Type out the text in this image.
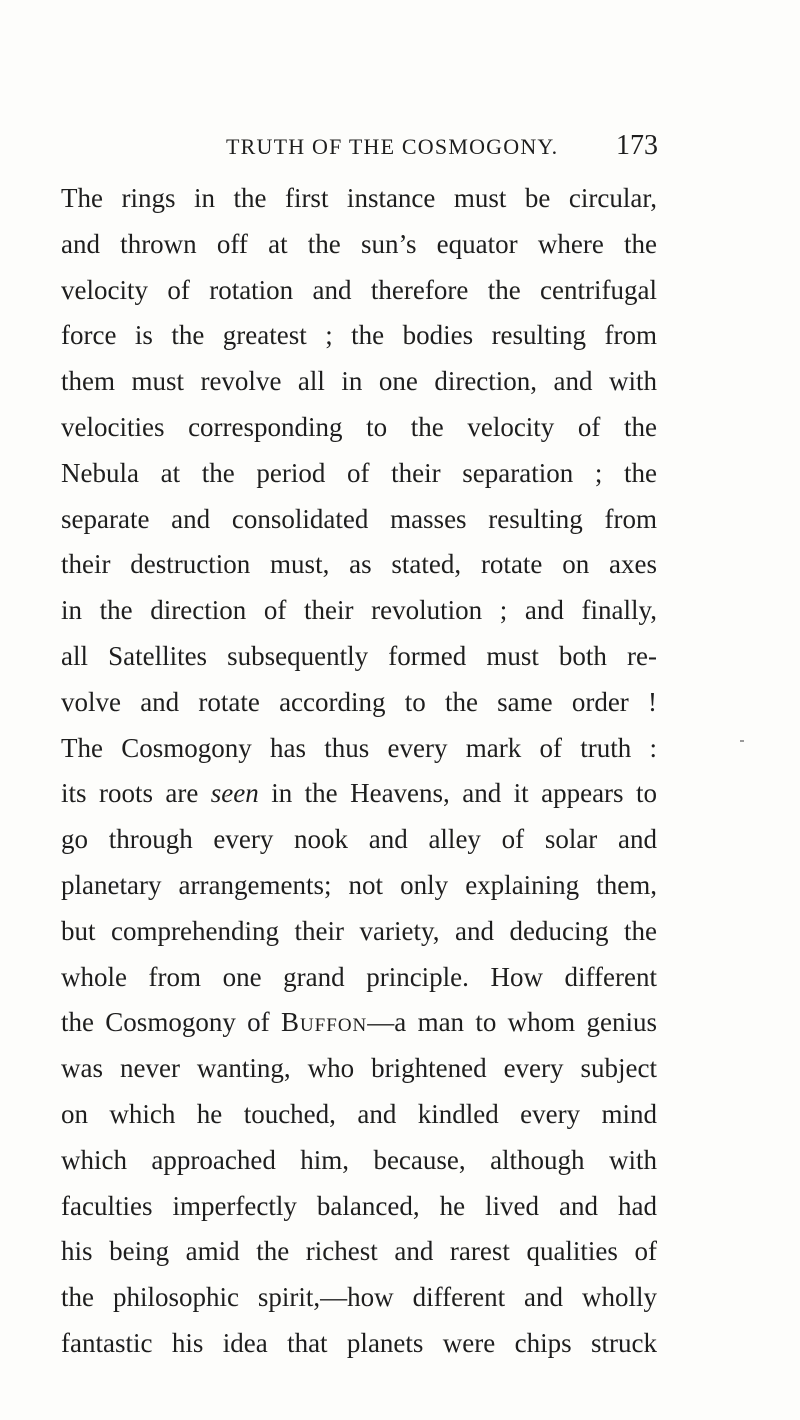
TRUTH OF THE COSMOGONY. 173
The rings in the first instance must be circular,
and thrown off at the sun’s equator where the
velocity of rotation and therefore the centrifugal
force is the greatest ; the bodies resulting from
them must revolve all in one direction, and with
velocities corresponding to the velocity of the
Nebula at the period of their separation ; the
separate and consolidated masses resulting from
their destruction must, as stated, rotate on axes
in the direction of their revolution ; and finally,
all Satellites subsequently formed must both re-
volve and rotate according to the same order !
The Cosmogony has thus every mark of truth :
its roots are seen in the Heavens, and it appears to
go through every nook and alley of solar and
planetary arrangements; not only explaining them,
but comprehending their variety, and deducing the
whole from one grand principle. How different
the Cosmogony of Buffon—a man to whom genius
was never wanting, who brightened every subject
on which he touched, and kindled every mind
which approached him, because, although with
faculties imperfectly balanced, he lived and had
his being amid the richest and rarest qualities of
the philosophic spirit,—how different and wholly
fantastic his idea that planets were chips struck
